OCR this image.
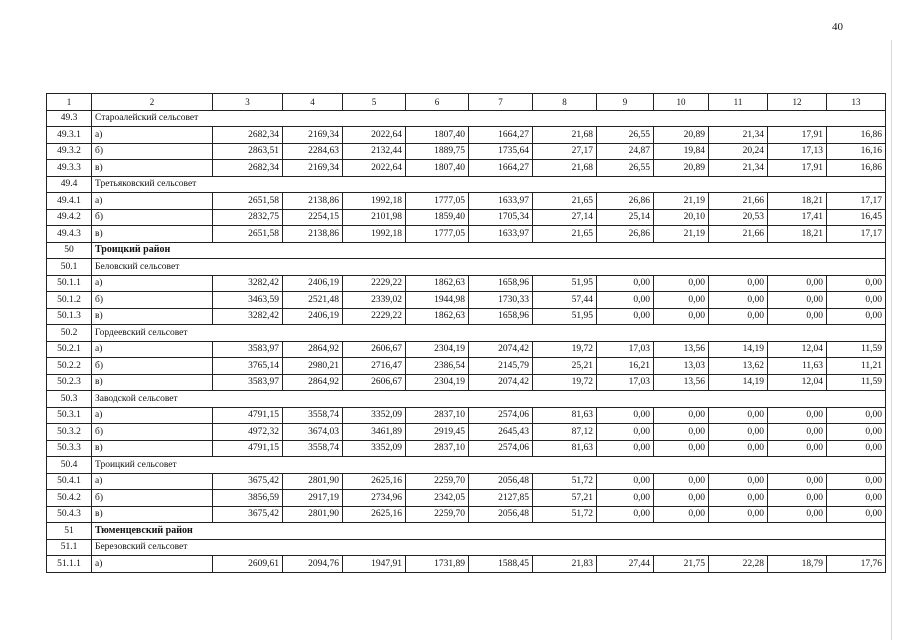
40
1	2	3	4	5	6	7	8	9	10	11	12	13
49.3	Староалейский сельсовет											
49.3.1	а)	2682,34	2169,34	2022,64	1807,40	1664,27	21,68	26,55	20,89	21,34	17,91	16,86
49.3.2	б)	2863,51	2284,63	2132,44	1889,75	1735,64	27,17	24,87	19,84	20,24	17,13	16,16
49.3.3	в)	2682,34	2169,34	2022,64	1807,40	1664,27	21,68	26,55	20,89	21,34	17,91	16,86
49.4	Третьяковский сельсовет											
49.4.1	а)	2651,58	2138,86	1992,18	1777,05	1633,97	21,65	26,86	21,19	21,66	18,21	17,17
49.4.2	б)	2832,75	2254,15	2101,98	1859,40	1705,34	27,14	25,14	20,10	20,53	17,41	16,45
49.4.3	в)	2651,58	2138,86	1992,18	1777,05	1633,97	21,65	26,86	21,19	21,66	18,21	17,17
50	Троицкий район											
50.1	Беловский сельсовет											
50.1.1	а)	3282,42	2406,19	2229,22	1862,63	1658,96	51,95	0,00	0,00	0,00	0,00	0,00
50.1.2	б)	3463,59	2521,48	2339,02	1944,98	1730,33	57,44	0,00	0,00	0,00	0,00	0,00
50.1.3	в)	3282,42	2406,19	2229,22	1862,63	1658,96	51,95	0,00	0,00	0,00	0,00	0,00
50.2	Гордеевский сельсовет											
50.2.1	а)	3583,97	2864,92	2606,67	2304,19	2074,42	19,72	17,03	13,56	14,19	12,04	11,59
50.2.2	б)	3765,14	2980,21	2716,47	2386,54	2145,79	25,21	16,21	13,03	13,62	11,63	11,21
50.2.3	в)	3583,97	2864,92	2606,67	2304,19	2074,42	19,72	17,03	13,56	14,19	12,04	11,59
50.3	Заводской сельсовет											
50.3.1	а)	4791,15	3558,74	3352,09	2837,10	2574,06	81,63	0,00	0,00	0,00	0,00	0,00
50.3.2	б)	4972,32	3674,03	3461,89	2919,45	2645,43	87,12	0,00	0,00	0,00	0,00	0,00
50.3.3	в)	4791,15	3558,74	3352,09	2837,10	2574,06	81,63	0,00	0,00	0,00	0,00	0,00
50.4	Троицкий сельсовет											
50.4.1	а)	3675,42	2801,90	2625,16	2259,70	2056,48	51,72	0,00	0,00	0,00	0,00	0,00
50.4.2	б)	3856,59	2917,19	2734,96	2342,05	2127,85	57,21	0,00	0,00	0,00	0,00	0,00
50.4.3	в)	3675,42	2801,90	2625,16	2259,70	2056,48	51,72	0,00	0,00	0,00	0,00	0,00
51	Тюменцевский район											
51.1	Березовский сельсовет											
51.1.1	а)	2609,61	2094,76	1947,91	1731,89	1588,45	21,83	27,44	21,75	22,28	18,79	17,76
